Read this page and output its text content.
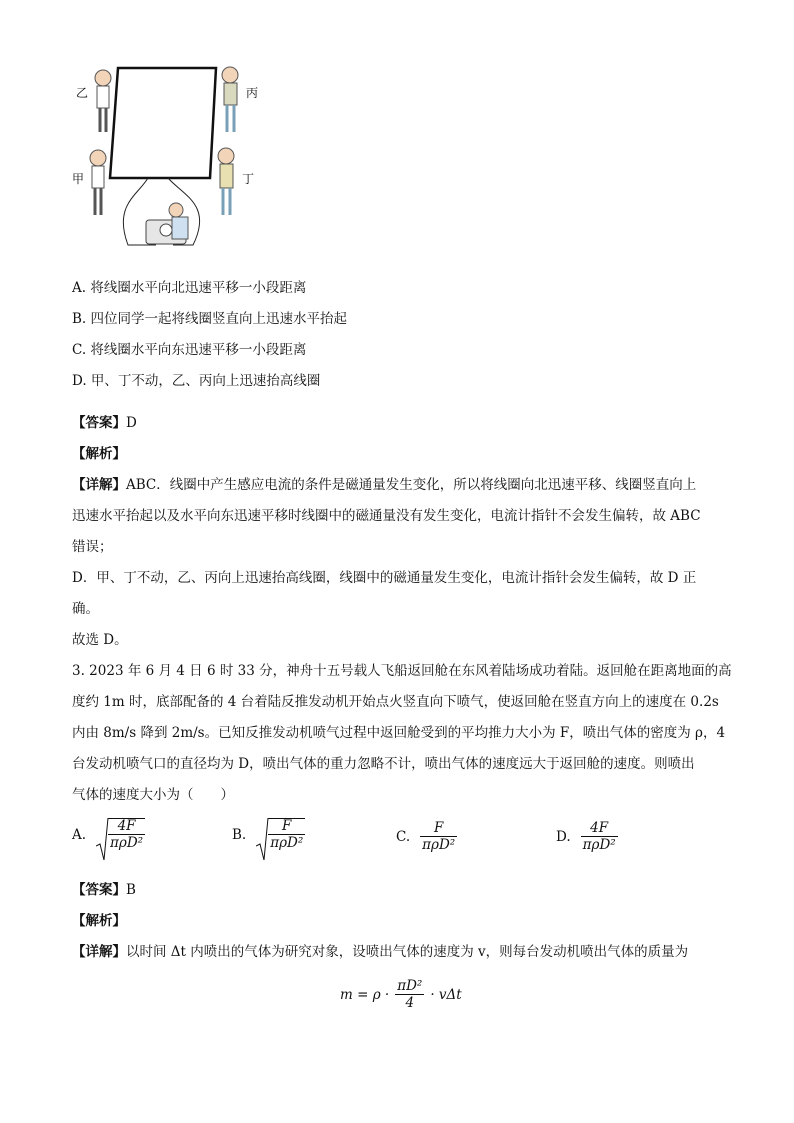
乙	丙
甲	丁
A. 将线圈水平向北迅速平移一小段距离
B. 四位同学一起将线圈竖直向上迅速水平抬起
C. 将线圈水平向东迅速平移一小段距离
D. 甲、丁不动，乙、丙向上迅速抬高线圈
【答案】D
【解析】
【详解】ABC．线圈中产生感应电流的条件是磁通量发生变化，所以将线圈向北迅速平移、线圈竖直向上
迅速水平抬起以及水平向东迅速平移时线圈中的磁通量没有发生变化，电流计指针不会发生偏转，故 ABC
错误；
D．甲、丁不动，乙、丙向上迅速抬高线圈，线圈中的磁通量发生变化，电流计指针会发生偏转，故 D 正
确。
故选 D。
3. 2023 年 6 月 4 日 6 时 33 分，神舟十五号载人飞船返回舱在东风着陆场成功着陆。返回舱在距离地面的高
度约 1m 时，底部配备的 4 台着陆反推发动机开始点火竖直向下喷气，使返回舱在竖直方向上的速度在 0.2s
内由 8m/s 降到 2m/s。已知反推发动机喷气过程中返回舱受到的平均推力大小为 F，喷出气体的密度为 ρ，4
台发动机喷气口的直径均为 D，喷出气体的重力忽略不计，喷出气体的速度远大于返回舱的速度。则喷出
气体的速度大小为（　　）
A. $\frac{4F}{\text{πρD²}}$	B. $\frac{F}{\text{πρD²}}$	C. $\frac{F}{\text{πρD²}}$	D. $\frac{4F}{\text{πρD²}}$
【答案】B
【解析】
【详解】以时间 Δt 内喷出的气体为研究对象，设喷出气体的速度为 v，则每台发动机喷出气体的质量为
$m = \rho \cdot \frac{\text{πD²}}{4} \cdot v\Delta t$
